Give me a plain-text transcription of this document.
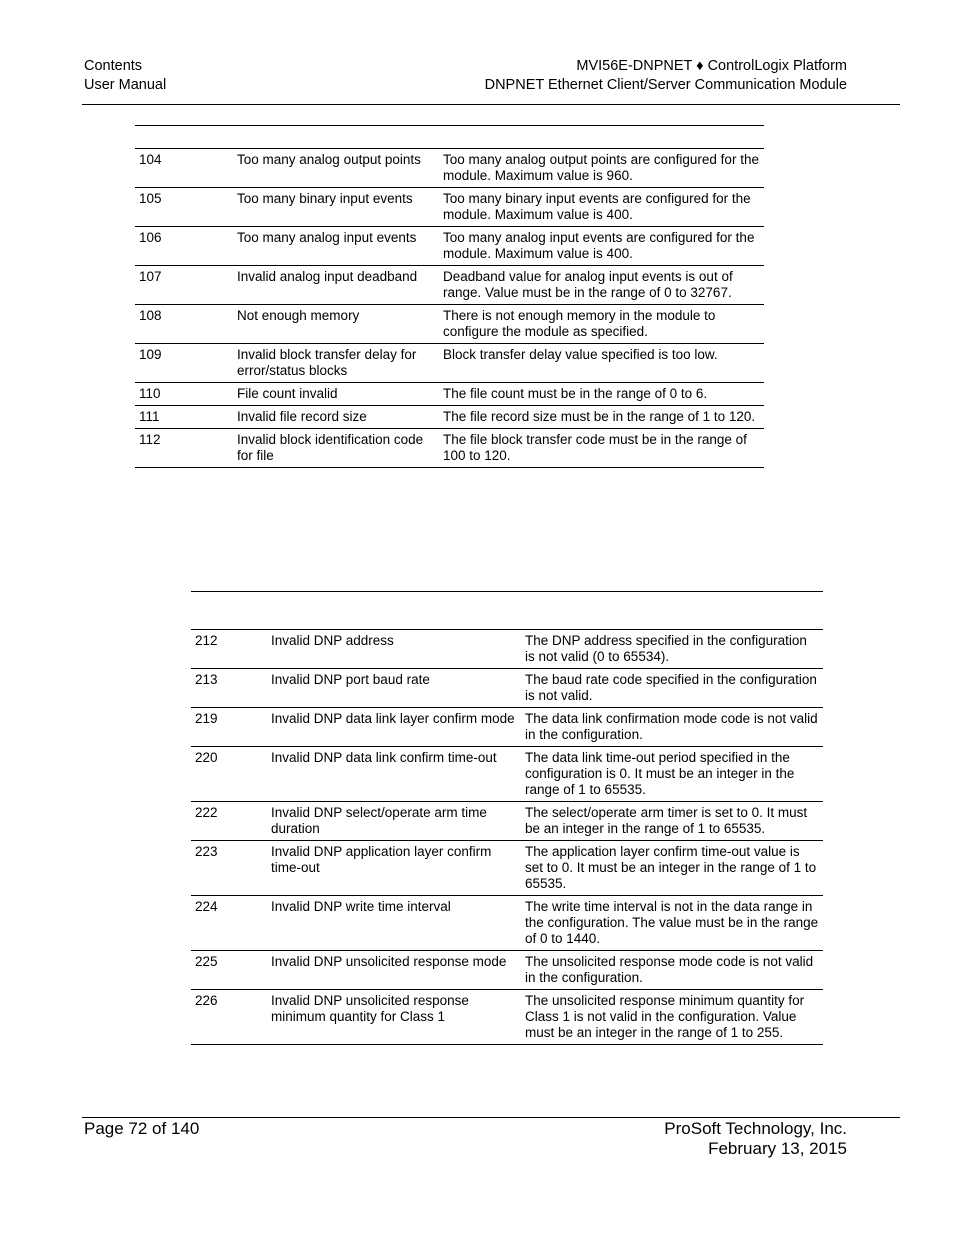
Contents
User Manual
MVI56E-DNPNET ♦ ControlLogix Platform
DNPNET Ethernet Client/Server Communication Module

104	Too many analog output points	Too many analog output points are configured for the module. Maximum value is 960.
105	Too many binary input events	Too many binary input events are configured for the module. Maximum value is 400.
106	Too many analog input events	Too many analog input events are configured for the module. Maximum value is 400.
107	Invalid analog input deadband	Deadband value for analog input events is out of range. Value must be in the range of 0 to 32767.
108	Not enough memory	There is not enough memory in the module to configure the module as specified.
109	Invalid block transfer delay for error/status blocks	Block transfer delay value specified is too low.
110	File count invalid	The file count must be in the range of 0 to 6.
111	Invalid file record size	The file record size must be in the range of 1 to 120.
112	Invalid block identification code for file	The file block transfer code must be in the range of 100 to 120.

212	Invalid DNP address	The DNP address specified in the configuration is not valid (0 to 65534).
213	Invalid DNP port baud rate	The baud rate code specified in the configuration is not valid.
219	Invalid DNP data link layer confirm mode	The data link confirmation mode code is not valid in the configuration.
220	Invalid DNP data link confirm time-out	The data link time-out period specified in the configuration is 0. It must be an integer in the range of 1 to 65535.
222	Invalid DNP select/operate arm time duration	The select/operate arm timer is set to 0. It must be an integer in the range of 1 to 65535.
223	Invalid DNP application layer confirm time-out	The application layer confirm time-out value is set to 0. It must be an integer in the range of 1 to 65535.
224	Invalid DNP write time interval	The write time interval is not in the data range in the configuration. The value must be in the range of 0 to 1440.
225	Invalid DNP unsolicited response mode	The unsolicited response mode code is not valid in the configuration.
226	Invalid DNP unsolicited response minimum quantity for Class 1	The unsolicited response minimum quantity for Class 1 is not valid in the configuration. Value must be an integer in the range of 1 to 255.
Page 72 of 140	ProSoft Technology, Inc.
February 13, 2015
